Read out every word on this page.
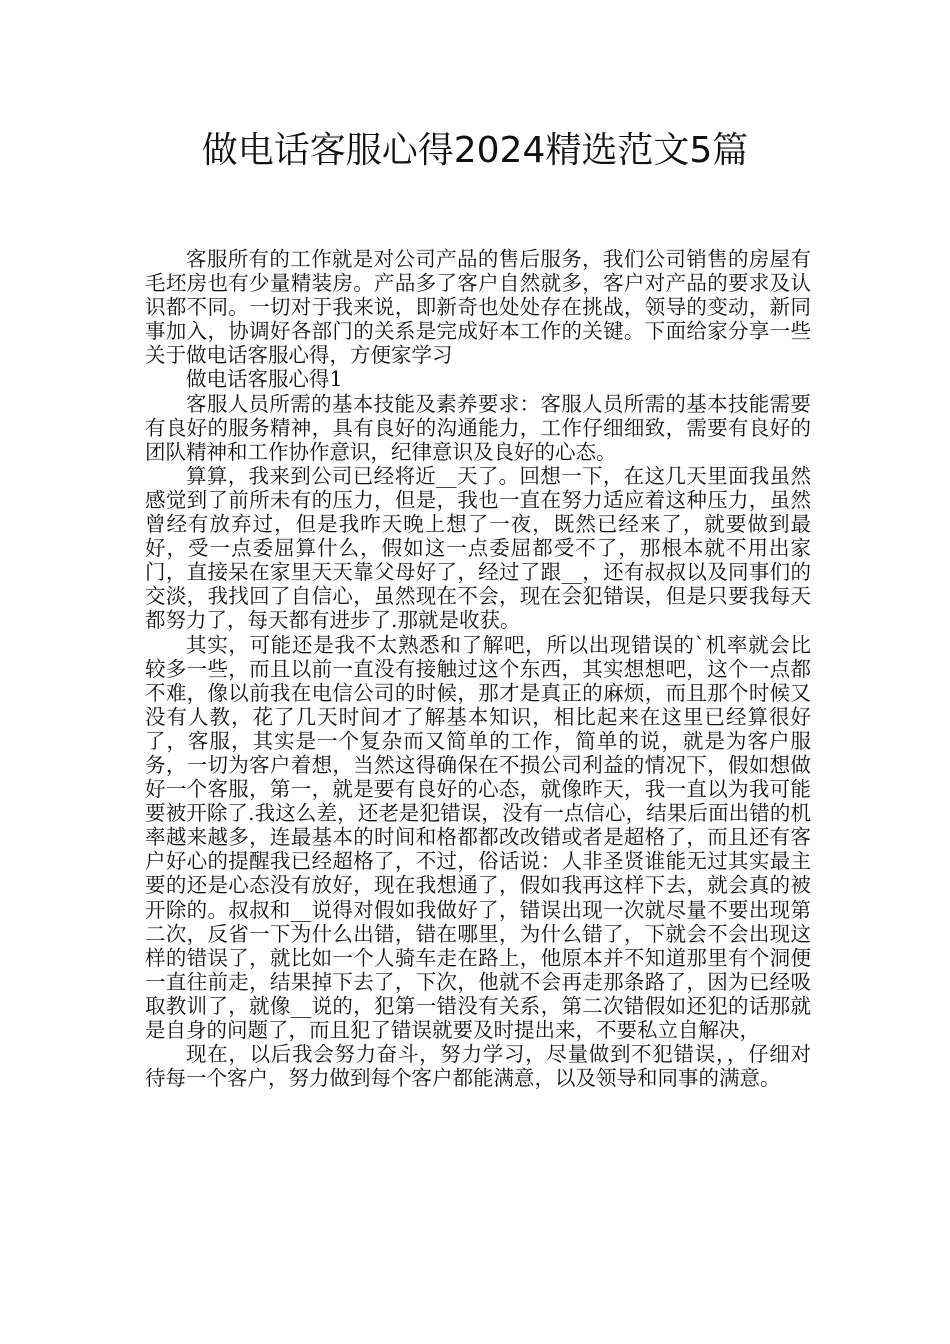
做电话客服心得2024精选范文5篇

客服所有的工作就是对公司产品的售后服务，我们公司销售的房屋有毛坯房也有少量精装房。产品多了客户自然就多，客户对产品的要求及认识都不同。一切对于我来说，即新奇也处处存在挑战，领导的变动，新同事加入，协调好各部门的关系是完成好本工作的关键。下面给家分享一些关于做电话客服心得，方便家学习

做电话客服心得1

客服人员所需的基本技能及素养要求：客服人员所需的基本技能需要有良好的服务精神，具有良好的沟通能力，工作仔细细致，需要有良好的团队精神和工作协作意识，纪律意识及良好的心态。

算算，我来到公司已经将近__天了。回想一下，在这几天里面我虽然感觉到了前所未有的压力，但是，我也一直在努力适应着这种压力，虽然曾经有放弃过，但是我昨天晚上想了一夜，既然已经来了，就要做到最好，受一点委屈算什么，假如这一点委屈都受不了，那根本就不用出家门，直接呆在家里天天靠父母好了，经过了跟__，还有叔叔以及同事们的交淡，我找回了自信心，虽然现在不会，现在会犯错误，但是只要我每天都努力了，每天都有进步了.那就是收获。

其实，可能还是我不太熟悉和了解吧，所以出现错误的`机率就会比较多一些，而且以前一直没有接触过这个东西，其实想想吧，这个一点都不难，像以前我在电信公司的时候，那才是真正的麻烦，而且那个时候又没有人教，花了几天时间才了解基本知识，相比起来在这里已经算很好了，客服，其实是一个复杂而又简单的工作，简单的说，就是为客户服务，一切为客户着想，当然这得确保在不损公司利益的情况下，假如想做好一个客服，第一，就是要有良好的心态，就像昨天，我一直以为我可能要被开除了.我这么差，还老是犯错误，没有一点信心，结果后面出错的机率越来越多，连最基本的时间和格都都改改错或者是超格了，而且还有客户好心的提醒我已经超格了，不过，俗话说：人非圣贤谁能无过其实最主要的还是心态没有放好，现在我想通了，假如我再这样下去，就会真的被开除的。叔叔和__说得对假如我做好了，错误出现一次就尽量不要出现第二次，反省一下为什么出错，错在哪里，为什么错了，下就会不会出现这样的错误了，就比如一个人骑车走在路上，他原本并不知道那里有个洞便一直往前走，结果掉下去了，下次，他就不会再走那条路了，因为已经吸取教训了，就像__说的，犯第一错没有关系，第二次错假如还犯的话那就是自身的问题了，而且犯了错误就要及时提出来，不要私立自解决，

现在，以后我会努力奋斗，努力学习，尽量做到不犯错误，，仔细对待每一个客户，努力做到每个客户都能满意，以及领导和同事的满意。
